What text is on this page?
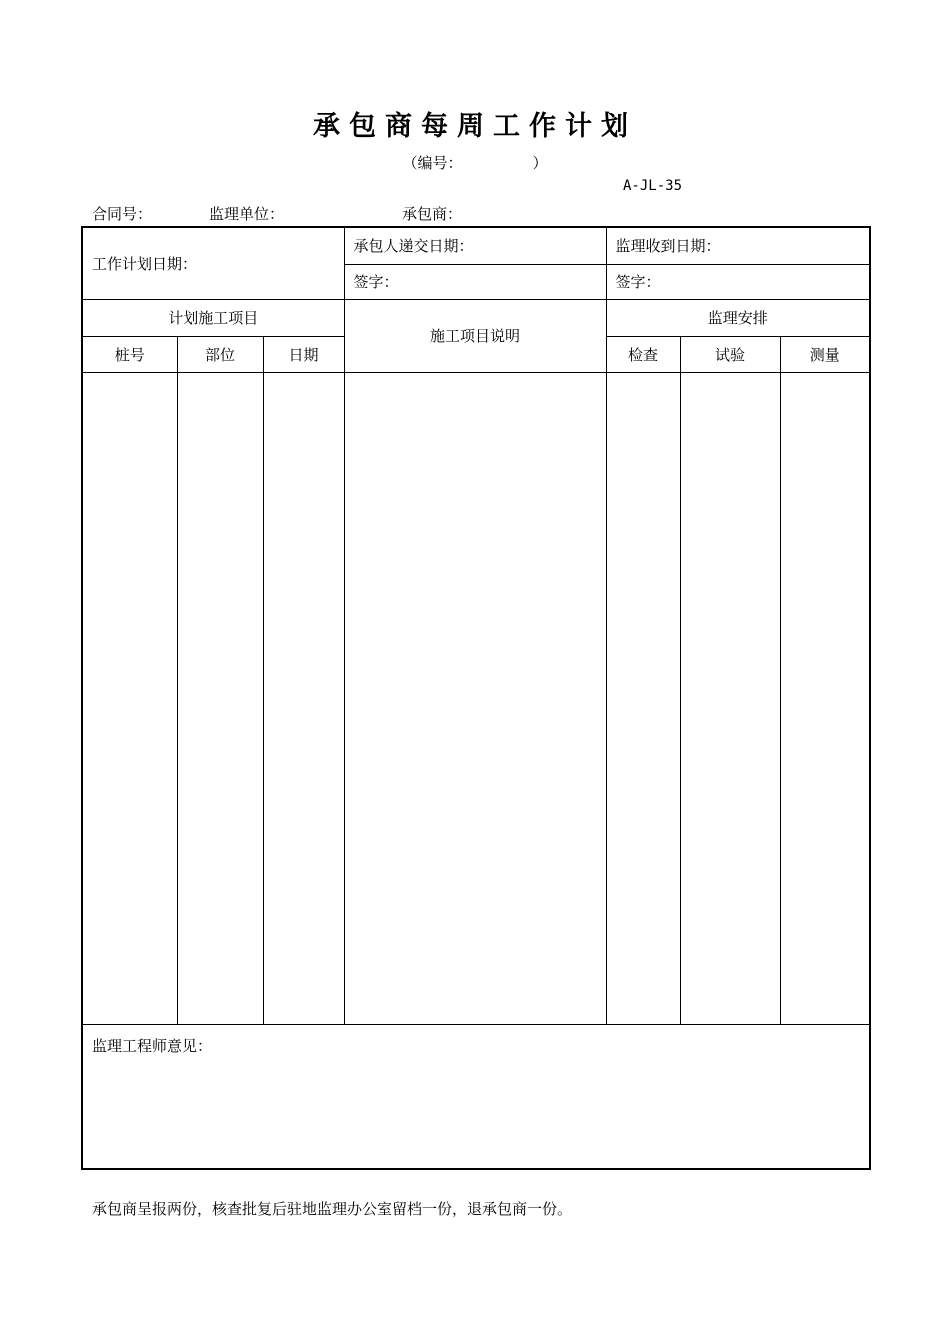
承包商每周工作计划
（编号：	）
A-JL-35
合同号：	监理单位：	承包商：
工作计划日期：			承包人递交日期：	监理收到日期：		
			签字：	签字：		
计划施工项目			施工项目说明	监理安排		
桩号	部位	日期		检查	试验	测量

监理工程师意见：						
承包商呈报两份，核查批复后驻地监理办公室留档一份，退承包商一份。
